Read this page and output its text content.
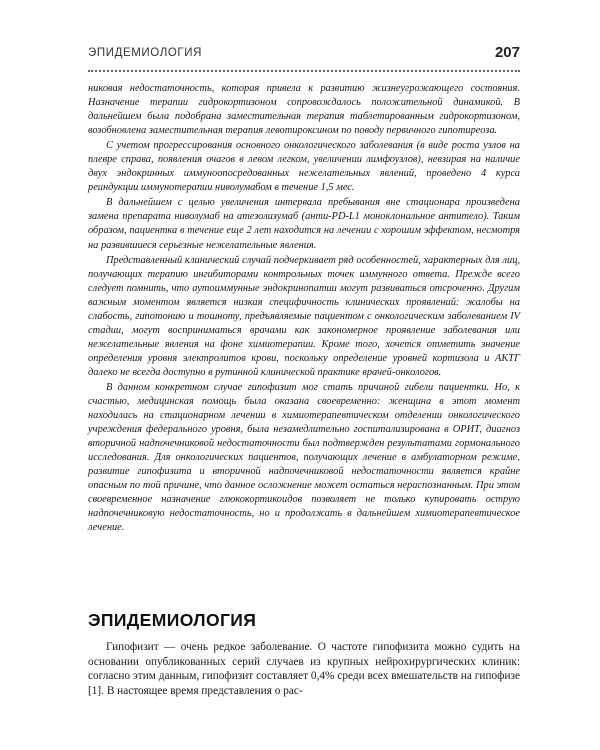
ЭПИДЕМИОЛОГИЯ	207

никовая недостаточность, которая привела к развитию жизнеугрожающего состояния. Назначение терапии гидрокортизоном сопровождалось положительной динамикой. В дальнейшем была подобрана заместительная терапия таблетированным гидрокортизоном, возобновлена заместительная терапия левотироксином по поводу первичного гипотиреоза.

С учетом прогрессирования основного онкологического заболевания (в виде роста узлов на плевре справа, появления очагов в левом легком, увеличении лимфоузлов), невзирая на наличие двух эндокринных иммуноопосредованных нежелательных явлений, проведено 4 курса реиндукции иммунотерапии ниволумабом в течение 1,5 мес.

В дальнейшем с целью увеличения интервала пребывания вне стационара произведена замена препарата ниволумаб на атезолизумаб (анти-PD-L1 моноклональное антитело). Таким образом, пациентка в течение еще 2 лет находится на лечении с хорошим эффектом, несмотря на развившиеся серьезные нежелательные явления.

Представленный клинический случай подчеркивает ряд особенностей, характерных для лиц, получающих терапию ингибиторами контрольных точек иммунного ответа. Прежде всего следует помнить, что аутоиммунные эндокринопатии могут развиваться отсроченно. Другим важным моментом является низкая специфичность клинических проявлений: жалобы на слабость, гипотонию и тошноту, предъявляемые пациентом с онкологическим заболеванием IV стадии, могут восприниматься врачами как закономерное проявление заболевания или нежелательные явления на фоне химиотерапии. Кроме того, хочется отметить значение определения уровня электролитов крови, поскольку определение уровней кортизола и АКТГ далеко не всегда доступно в рутинной клинической практике врачей-онкологов.

В данном конкретном случае гипофизит мог стать причиной гибели пациентки. Но, к счастью, медицинская помощь была оказана своевременно: женщина в этот момент находилась на стационарном лечении в химиотерапевтическом отделении онкологического учреждения федерального уровня, была незамедлительно госпитализирована в ОРИТ, диагноз вторичной надпочечниковой недостаточности был подтвержден результатами гормонального исследования. Для онкологических пациентов, получающих лечение в амбулаторном режиме, развитие гипофизита и вторичной надпочечниковой недостаточности является крайне опасным по той причине, что данное осложнение может остаться нераспознанным. При этом своевременное назначение глюкокортикоидов позволяет не только купировать острую надпочечниковую недостаточность, но и продолжать в дальнейшем химиотерапевтическое лечение.

ЭПИДЕМИОЛОГИЯ

Гипофизит — очень редкое заболевание. О частоте гипофизита можно судить на основании опубликованных серий случаев из крупных нейрохирургических клиник: согласно этим данным, гипофизит составляет 0,4% среди всех вмешательств на гипофизе [1]. В настоящее время представления о рас-
